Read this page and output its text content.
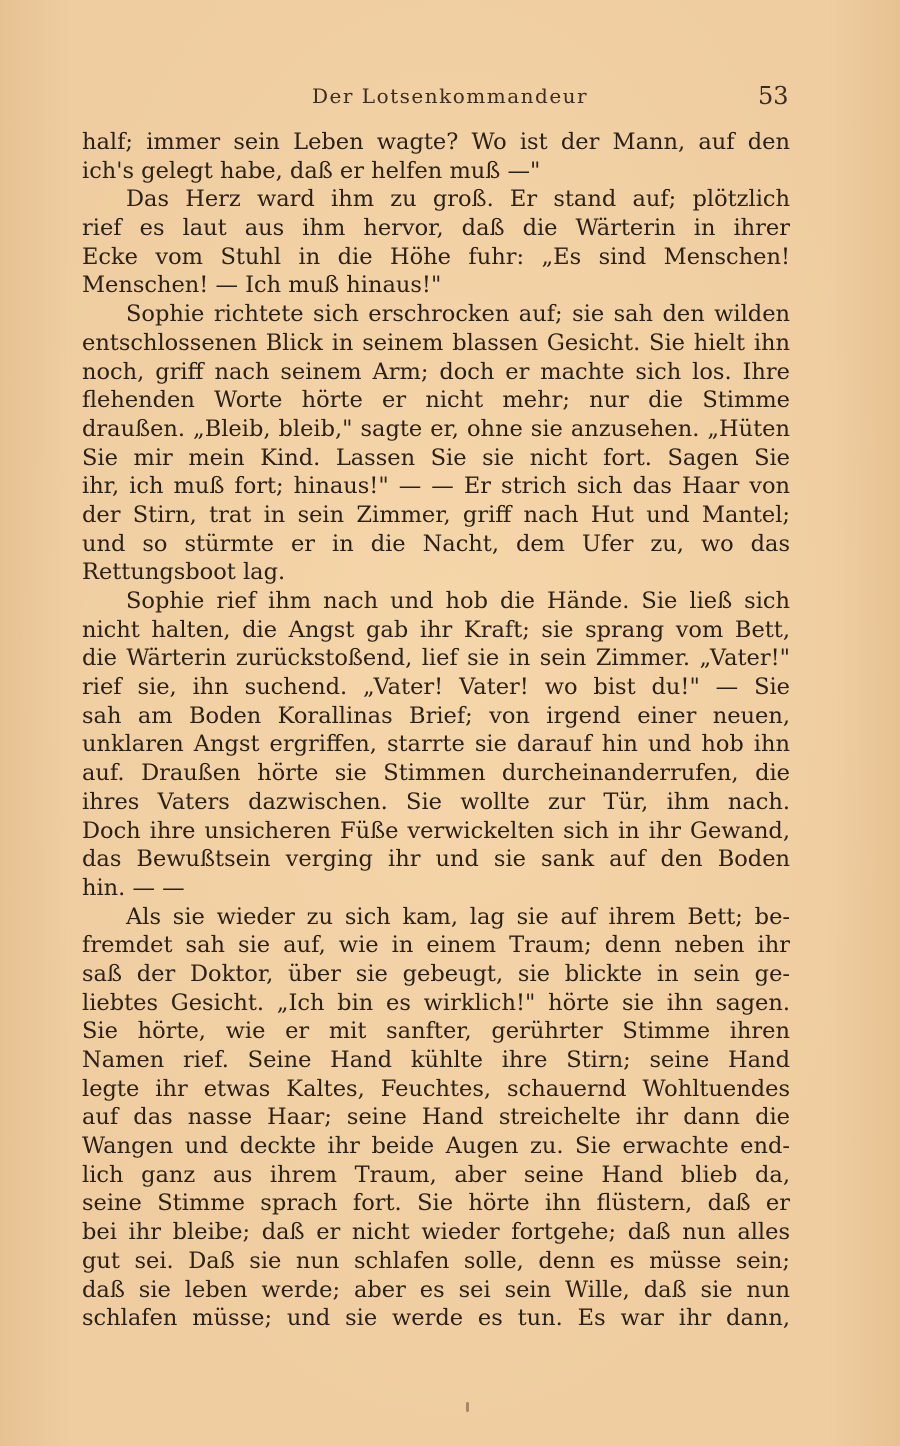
Der Lotsenkommandeur	53
half; immer sein Leben wagte? Wo ist der Mann, auf den
ich's gelegt habe, daß er helfen muß —"
Das Herz ward ihm zu groß. Er stand auf; plötzlich
rief es laut aus ihm hervor, daß die Wärterin in ihrer
Ecke vom Stuhl in die Höhe fuhr: „Es sind Menschen!
Menschen! — Ich muß hinaus!"
Sophie richtete sich erschrocken auf; sie sah den wilden
entschlossenen Blick in seinem blassen Gesicht. Sie hielt ihn
noch, griff nach seinem Arm; doch er machte sich los. Ihre
flehenden Worte hörte er nicht mehr; nur die Stimme
draußen. „Bleib, bleib," sagte er, ohne sie anzusehen. „Hüten
Sie mir mein Kind. Lassen Sie sie nicht fort. Sagen Sie
ihr, ich muß fort; hinaus!" — — Er strich sich das Haar von
der Stirn, trat in sein Zimmer, griff nach Hut und Mantel;
und so stürmte er in die Nacht, dem Ufer zu, wo das
Rettungsboot lag.
Sophie rief ihm nach und hob die Hände. Sie ließ sich
nicht halten, die Angst gab ihr Kraft; sie sprang vom Bett,
die Wärterin zurückstoßend, lief sie in sein Zimmer. „Vater!"
rief sie, ihn suchend. „Vater! Vater! wo bist du!" — Sie
sah am Boden Korallinas Brief; von irgend einer neuen,
unklaren Angst ergriffen, starrte sie darauf hin und hob ihn
auf. Draußen hörte sie Stimmen durcheinanderrufen, die
ihres Vaters dazwischen. Sie wollte zur Tür, ihm nach.
Doch ihre unsicheren Füße verwickelten sich in ihr Gewand,
das Bewußtsein verging ihr und sie sank auf den Boden
hin. — —
Als sie wieder zu sich kam, lag sie auf ihrem Bett; be-
fremdet sah sie auf, wie in einem Traum; denn neben ihr
saß der Doktor, über sie gebeugt, sie blickte in sein ge-
liebtes Gesicht. „Ich bin es wirklich!" hörte sie ihn sagen.
Sie hörte, wie er mit sanfter, gerührter Stimme ihren
Namen rief. Seine Hand kühlte ihre Stirn; seine Hand
legte ihr etwas Kaltes, Feuchtes, schauernd Wohltuendes
auf das nasse Haar; seine Hand streichelte ihr dann die
Wangen und deckte ihr beide Augen zu. Sie erwachte end-
lich ganz aus ihrem Traum, aber seine Hand blieb da,
seine Stimme sprach fort. Sie hörte ihn flüstern, daß er
bei ihr bleibe; daß er nicht wieder fortgehe; daß nun alles
gut sei. Daß sie nun schlafen solle, denn es müsse sein;
daß sie leben werde; aber es sei sein Wille, daß sie nun
schlafen müsse; und sie werde es tun. Es war ihr dann,
